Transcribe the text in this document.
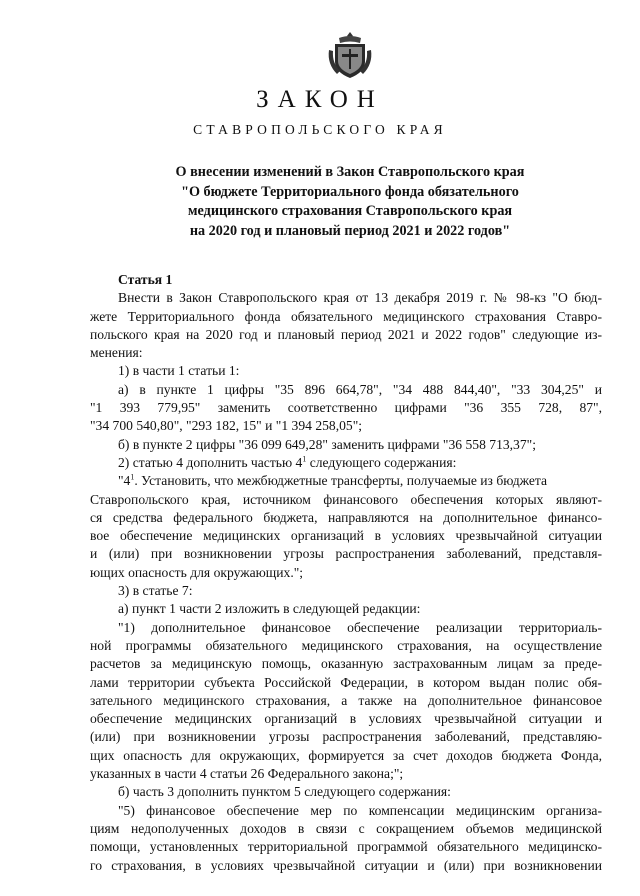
ЗАКОН
СТАВРОПОЛЬСКОГО КРАЯ
О внесении изменений в Закон Ставропольского края
"О бюджете Территориального фонда обязательного
медицинского страхования Ставропольского края
на 2020 год и плановый период 2021 и 2022 годов"
Статья 1
Внести в Закон Ставропольского края от 13 декабря 2019 г. № 98-кз "О бюд-
жете Территориального фонда обязательного медицинского страхования Ставро-
польского края на 2020 год и плановый период 2021 и 2022 годов" следующие из-
менения:
1) в части 1 статьи 1:
а) в пункте 1 цифры "35 896 664,78", "34 488 844,40", "33 304,25" и
"1 393 779,95" заменить соответственно цифрами "36 355 728, 87",
"34 700 540,80", "293 182, 15" и "1 394 258,05";
б) в пункте 2 цифры "36 099 649,28" заменить цифрами "36 558 713,37";
2) статью 4 дополнить частью $4^1$ следующего содержания:
"$4^1$. Установить, что межбюджетные трансферты, получаемые из бюджета
Ставропольского края, источником финансового обеспечения которых являют-
ся средства федерального бюджета, направляются на дополнительное финансо-
вое обеспечение медицинских организаций в условиях чрезвычайной ситуации
и (или) при возникновении угрозы распространения заболеваний, представля-
ющих опасность для окружающих.";
3) в статье 7:
а) пункт 1 части 2 изложить в следующей редакции:
"1) дополнительное финансовое обеспечение реализации территориаль-
ной программы обязательного медицинского страхования, на осуществление
расчетов за медицинскую помощь, оказанную застрахованным лицам за преде-
лами территории субъекта Российской Федерации, в котором выдан полис обя-
зательного медицинского страхования, а также на дополнительное финансовое
обеспечение медицинских организаций в условиях чрезвычайной ситуации и
(или) при возникновении угрозы распространения заболеваний, представляю-
щих опасность для окружающих, формируется за счет доходов бюджета Фонда,
указанных в части 4 статьи 26 Федерального закона;";
б) часть 3 дополнить пунктом 5 следующего содержания:
"5) финансовое обеспечение мер по компенсации медицинским организа-
циям недополученных доходов в связи с сокращением объемов медицинской
помощи, установленных территориальной программой обязательного медицинско-
го страхования, в условиях чрезвычайной ситуации и (или) при возникновении
